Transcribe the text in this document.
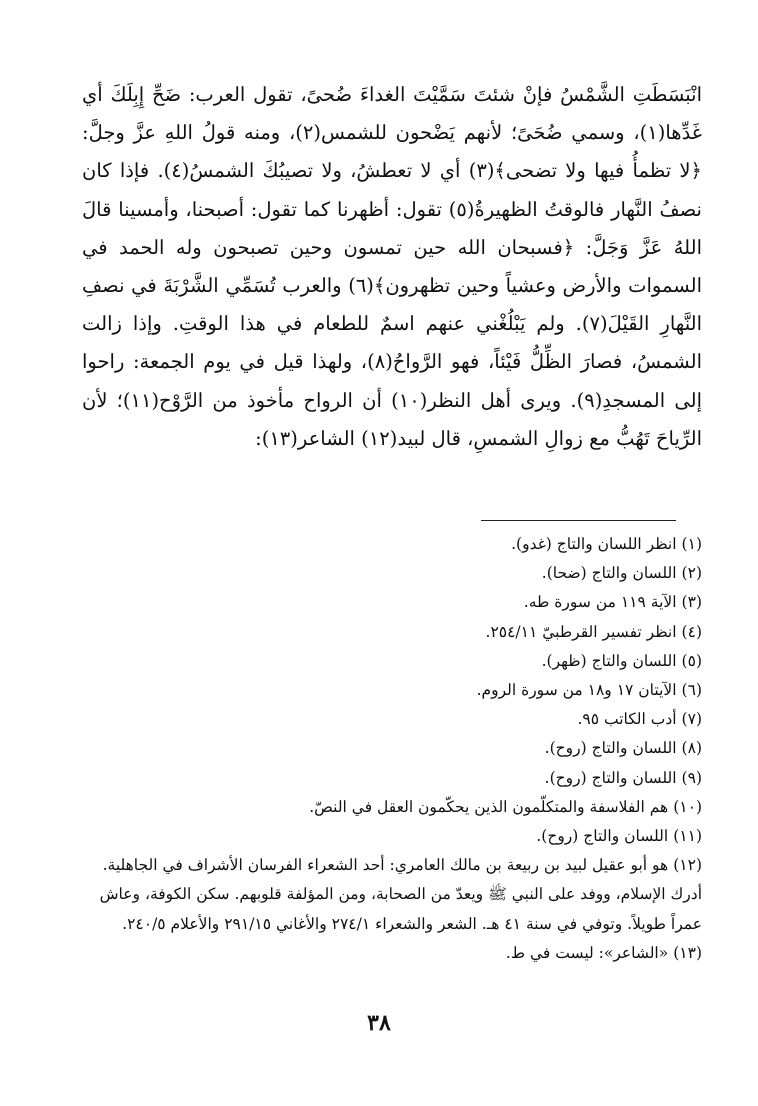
انْبَسَطَتِ الشَّمْسُ فإنْ شئتَ سَمَّيْتَ الغداءَ ضُحىً، تقول العرب: ضَحِّ إِبِلَكَ أي غَدِّها(١)، وسمي ضُحَىً؛ لأنهم يَضْحون للشمس(٢)، ومنه قولُ اللهِ عزَّ وجلَّ: ﴿لا تظمأُ فيها ولا تضحى﴾(٣) أي لا تعطشُ، ولا تصيبُكَ الشمسُ(٤). فإذا كان نصفُ النَّهار فالوقتُ الظهيرةُ(٥) تقول: أظهرنا كما تقول: أصبحنا، وأمسينا قالَ اللهُ عَزَّ وَجَلَّ: ﴿فسبحان الله حين تمسون وحين تصبحون وله الحمد في السموات والأرض وعشياً وحين تظهرون﴾(٦) والعرب تُسَمِّي الشَّرْبَةَ في نصفِ النَّهارِ القَيْلَ(٧). ولم يَبْلُغْني عنهم اسمٌ للطعام في هذا الوقتِ. وإذا زالت الشمسُ، فصارَ الظِّلُّ فَيْئاً، فهو الرَّواحُ(٨)، ولهذا قيل في يوم الجمعة: راحوا إلى المسجدِ(٩). ويرى أهل النظر(١٠) أن الرواح مأخوذ من الرَّوْح(١١)؛ لأن الرِّياحَ تَهُبُّ مع زوالِ الشمسِ، قال لبيد(١٢) الشاعر(١٣):

( ١ )انظر اللسان والتاج (غدو).
( ٢ )اللسان والتاج (ضحا).
( ٣ )الآية ١١٩ من سورة طه.
( ٤ )انظر تفسير القرطبيّ ٢٥٤/١١.
( ٥ )اللسان والتاج (ظهر).
( ٦ )الآيتان ١٧ و١٨ من سورة الروم.
( ٧ )أدب الكاتب ٩٥.
( ٨ )اللسان والتاج (روح).
( ٩ )اللسان والتاج (روح).
( ١٠ )هم الفلاسفة والمتكلّمون الذين يحكّمون العقل في النصّ.
( ١١ )اللسان والتاج (روح).
( ١٢ )هو أبو عقيل لبيد بن ربيعة بن مالك العامري: أحد الشعراء الفرسان الأشراف في الجاهلية. أدرك الإسلام، ووفد على النبي ﷺ ويعدّ من الصحابة، ومن المؤلفة قلوبهم. سكن الكوفة، وعاش عمراً طويلاً. وتوفي في سنة ٤١ هـ. الشعر والشعراء ٢٧٤/١ والأغاني ٢٩١/١٥ والأعلام ٢٤٠/٥.
( ١٣ )«الشاعر»: ليست في ط.
٣٨
